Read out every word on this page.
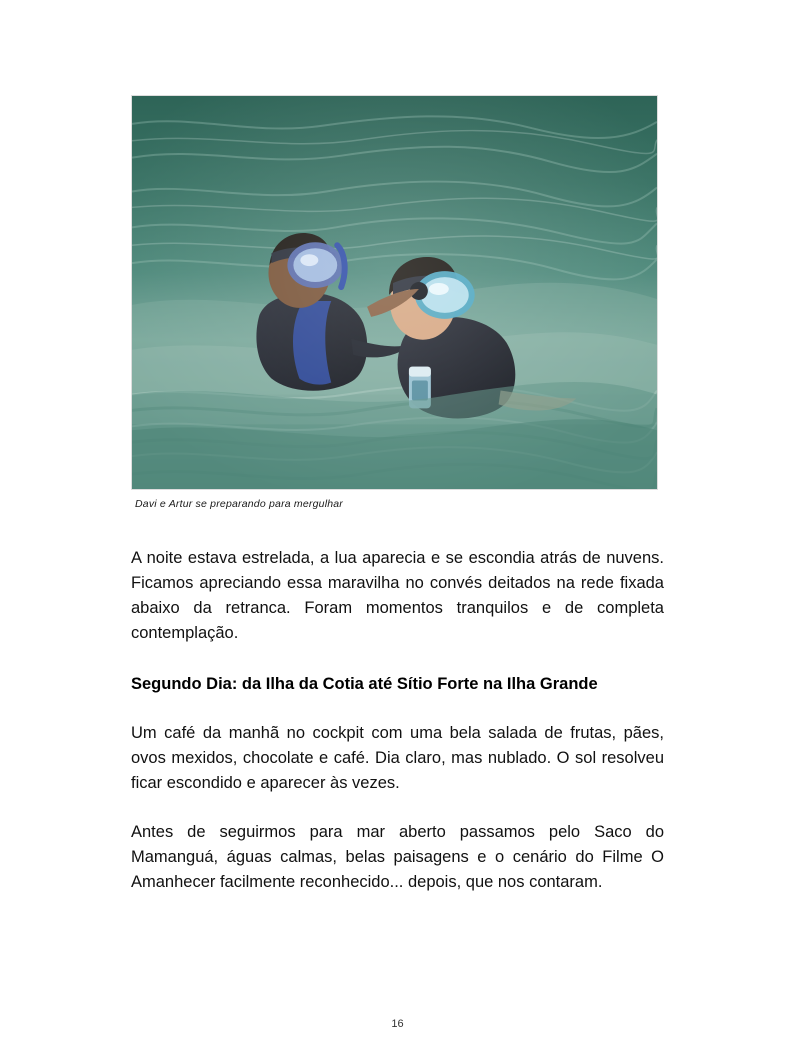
Davi e Artur se preparando para mergulhar

A noite estava estrelada, a lua aparecia e se escondia atrás de nuvens. Ficamos apreciando essa maravilha no convés deitados na rede fixada abaixo da retranca. Foram momentos tranquilos e de completa contemplação.

Segundo Dia: da Ilha da Cotia até Sítio Forte na Ilha Grande

Um café da manhã no cockpit com uma bela salada de frutas, pães, ovos mexidos, chocolate e café. Dia claro, mas nublado. O sol resolveu ficar escondido e aparecer às vezes.

Antes de seguirmos para mar aberto passamos pelo Saco do Mamanguá, águas calmas, belas paisagens e o cenário do Filme O Amanhecer facilmente reconhecido... depois, que nos contaram.

16
